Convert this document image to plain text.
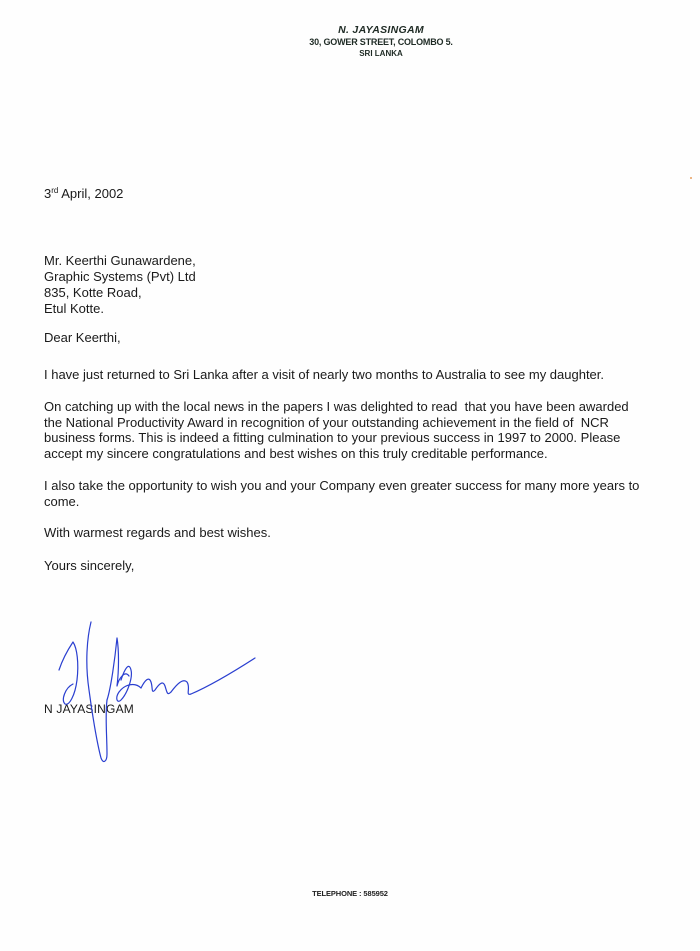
N. JAYASINGAM
30, GOWER STREET, COLOMBO 5.
SRI LANKA
3rd April, 2002
Mr. Keerthi Gunawardene,
Graphic Systems (Pvt) Ltd
835, Kotte Road,
Etul Kotte.
Dear Keerthi,
I have just returned to Sri Lanka after a visit of nearly two months to Australia to see my daughter.
On catching up with the local news in the papers I was delighted to read  that you have been awarded
the National Productivity Award in recognition of your outstanding achievement in the field of  NCR
business forms. This is indeed a fitting culmination to your previous success in 1997 to 2000. Please
accept my sincere congratulations and best wishes on this truly creditable performance.
I also take the opportunity to wish you and your Company even greater success for many more years to
come.
With warmest regards and best wishes.
Yours sincerely,
N JAYASINGAM
TELEPHONE : 585952
